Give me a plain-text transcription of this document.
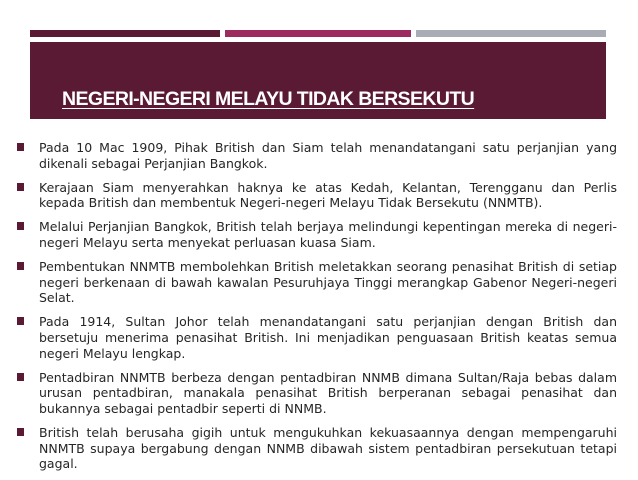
NEGERI-NEGERI MELAYU TIDAK BERSEKUTU
Pada 10 Mac 1909, Pihak British dan Siam telah menandatangani satu perjanjian yang dikenali sebagai Perjanjian Bangkok.
Kerajaan Siam menyerahkan haknya ke atas Kedah, Kelantan, Terengganu dan Perlis kepada British dan membentuk Negeri-negeri Melayu Tidak Bersekutu (NNMTB).
Melalui Perjanjian Bangkok, British telah berjaya melindungi kepentingan mereka di negeri-negeri Melayu serta menyekat perluasan kuasa Siam.
Pembentukan NNMTB membolehkan British meletakkan seorang penasihat British di setiap negeri berkenaan di bawah kawalan Pesuruhjaya Tinggi merangkap Gabenor Negeri-negeri Selat.
Pada 1914, Sultan Johor telah menandatangani satu perjanjian dengan British dan bersetuju menerima penasihat British. Ini menjadikan penguasaan British keatas semua negeri Melayu lengkap.
Pentadbiran NNMTB berbeza dengan pentadbiran NNMB dimana Sultan/Raja bebas dalam urusan pentadbiran, manakala penasihat British berperanan sebagai penasihat dan bukannya sebagai pentadbir seperti di NNMB.
British telah berusaha gigih untuk mengukuhkan kekuasaannya dengan mempengaruhi NNMTB supaya bergabung dengan NNMB dibawah sistem pentadbiran persekutuan tetapi gagal.
